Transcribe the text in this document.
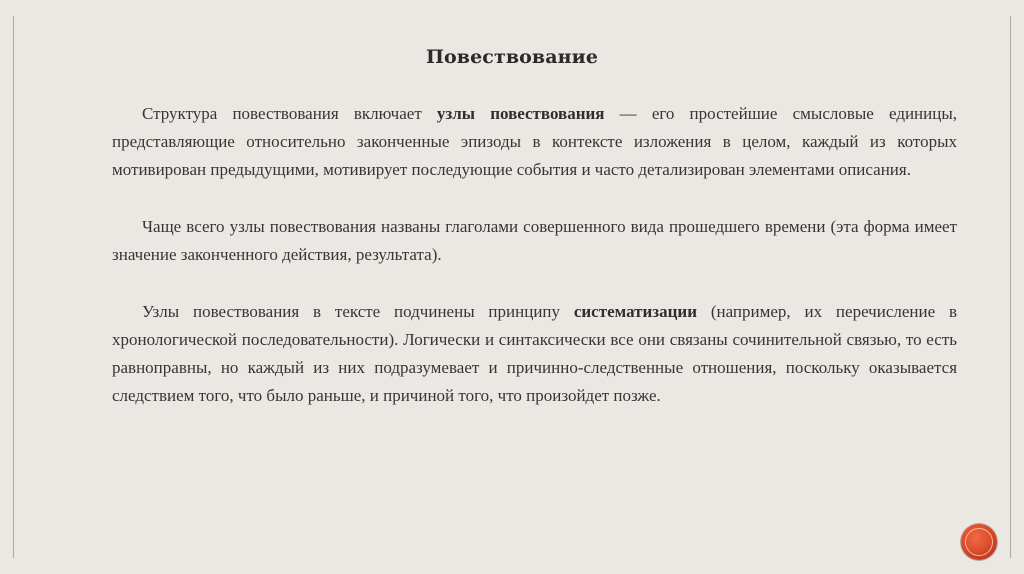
Повествование

Структура повествования включает узлы повествования — его простейшие смысловые единицы, представляющие относительно законченные эпизоды в контексте изложения в целом, каждый из которых мотивирован предыдущими, мотивирует последующие события и часто детализирован элементами описания.

Чаще всего узлы повествования названы глаголами совершенного вида прошедшего времени (эта форма имеет значение законченного действия, результата).

Узлы повествования в тексте подчинены принципу систематизации (например, их перечисление в хронологической последовательности). Логически и синтаксически все они связаны сочинительной связью, то есть равноправны, но каждый из них подразумевает и причинно-следственные отношения, поскольку оказывается следствием того, что было раньше, и причиной того, что произойдет позже.
